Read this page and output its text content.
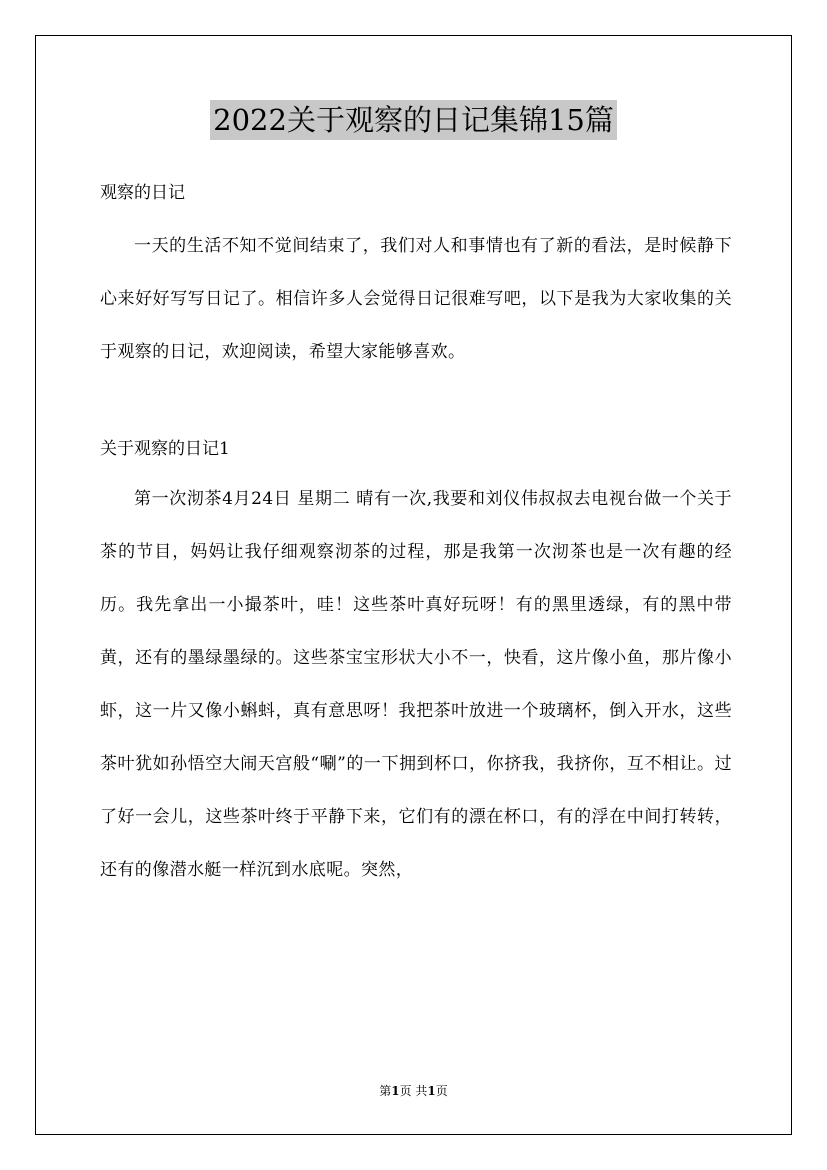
2022关于观察的日记集锦15篇

观察的日记

一天的生活不知不觉间结束了，我们对人和事情也有了新的看法，是时候静下心来好好写写日记了。相信许多人会觉得日记很难写吧，以下是我为大家收集的关于观察的日记，欢迎阅读，希望大家能够喜欢。

关于观察的日记1

第一次沏茶4月24日 星期二 晴有一次,我要和刘仪伟叔叔去电视台做一个关于茶的节目，妈妈让我仔细观察沏茶的过程，那是我第一次沏茶也是一次有趣的经历。我先拿出一小撮茶叶，哇！这些茶叶真好玩呀！有的黑里透绿，有的黑中带黄，还有的墨绿墨绿的。这些茶宝宝形状大小不一，快看，这片像小鱼，那片像小虾，这一片又像小蝌蚪，真有意思呀！我把茶叶放进一个玻璃杯，倒入开水，这些茶叶犹如孙悟空大闹天宫般“唰”的一下拥到杯口，你挤我，我挤你，互不相让。过了好一会儿，这些茶叶终于平静下来，它们有的漂在杯口，有的浮在中间打转转，还有的像潜水艇一样沉到水底呢。突然，

第1页 共1页
